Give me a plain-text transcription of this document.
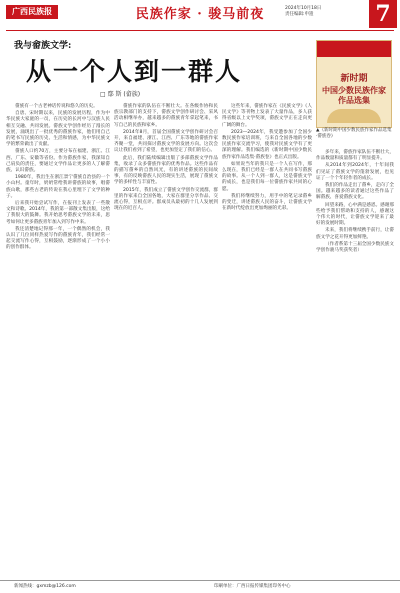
广西民族报	民族作家 · 骏马前夜	2024年10月18日
责任编辑:申遗	7
我与畲族文学:
从一个人到一群人
□ 鄢 斯 (畲族)
新时期
中国少数民族作家作品选集
▲《新时期中国少数民族作家作品选集·畲族卷》

畲族有一个古老神话传说和悠久的历史。

自唐、宋时期以来，民族的发展历程，作为中华民族大家庭的一员，在历史的长河中与汉族人民相互交融、共同发展。畲族文学创作经历了漫长的发展，涌现出了一批优秀的畲族作家，他们用自己的笔书写民族的历史、生活和情感，为中华民族文学的繁荣做出了贡献。

畲族人口约70万，主要分布在福建、浙江、江西、广东、安徽等省份。作为畲族作家，我深知自己肩负的责任，要通过文学作品让更多的人了解畲族、认识畲族。

1980年，我出生在浙江景宁畲族自治县的一个小山村。童年时，奶奶常给我讲畲族的故事，唱畲族山歌，那些古老的传说在我心里埋下了文学的种子。

后来我开始尝试写作，在报刊上发表了一些散文和诗歌。2014年，我的第一部散文集出版，这给了我很大的鼓舞。我开始思考畲族文学的未来，思考如何让更多畲族青年加入到写作中来。

我还清楚地记得那一年，一个偶然的机会，我认识了几位同样热爱写作的畲族青年，我们经常一起交流写作心得，互相鼓励，逐渐形成了一个小小的创作群体。

畲族作家的队伍在不断壮大。在各级作协和民族宗教部门的支持下，畲族文学创作研讨会、采风活动相继举办，越来越多的畲族青年拿起笔来，书写自己的民族和家乡。

2014年8月，首届全国畲族文学创作研讨会召开，来自福建、浙江、江西、广东等地的畲族作家齐聚一堂，共同探讨畲族文学的发展方向。这次会议让我们看到了希望，也更加坚定了我们的信心。

此后，我们陆续编辑出版了多部畲族文学作品集，收录了众多畲族作家的优秀作品。这些作品有的描写畲乡的自然风光，有的讲述畲族的民间故事，有的反映畲族人民的现实生活，展现了畲族文学的多样性与丰富性。

2015年，我们成立了畲族文学创作交流群，群里的作家来自全国各地，大家在群里分享作品、交流心得，互相点评。群成员从最初的十几人发展到现在的近百人。

这些年来，畲族作家在《民族文学》《人民文学》等刊物上发表了大量作品，多人获得省级以上文学奖项，畲族文学正在走向更广阔的舞台。

2023—2024年，我受邀参加了全国少数民族作家培训班，与来自全国各地的少数民族作家交流学习，使我对民族文学有了更深的理解。我们编选的《新时期中国少数民族作家作品选集·畲族卷》也正式出版。

如果说当年的我只是一个人在写作，那么现在，我们已经是一群人在共同书写畲族的故事。从一个人到一群人，这是畲族文学的成长，也是我们每一位畲族作家共同的心愿。

我们将继续努力，用手中的笔记录畲乡的变迁，讲述畲族人民的奋斗，让畲族文学在新时代绽放出更加绚丽的光彩。

多年来，畲族作家队伍不断壮大，作品数量和质量都有了明显提升。

从2014年到2024年，十年间我们见证了畲族文学的蓬勃发展，也见证了一个个年轻作者的成长。

我们的作品走出了畲乡，走向了全国。越来越多的读者通过这些作品了解畲族、喜爱畲族文化。

回望来路，心中满是感恩。感谢那些给予我们帮助和支持的人，感谢这个伟大的时代，让畲族文学迎来了最好的发展时期。

未来，我们将继续携手前行，让畲族文学之花开得更加鲜艳。

（作者系第十三届全国少数民族文学创作骏马奖获奖者）

新闻热线：gxmzb@126.com	印刷单位：广西日报传媒集团印务中心
